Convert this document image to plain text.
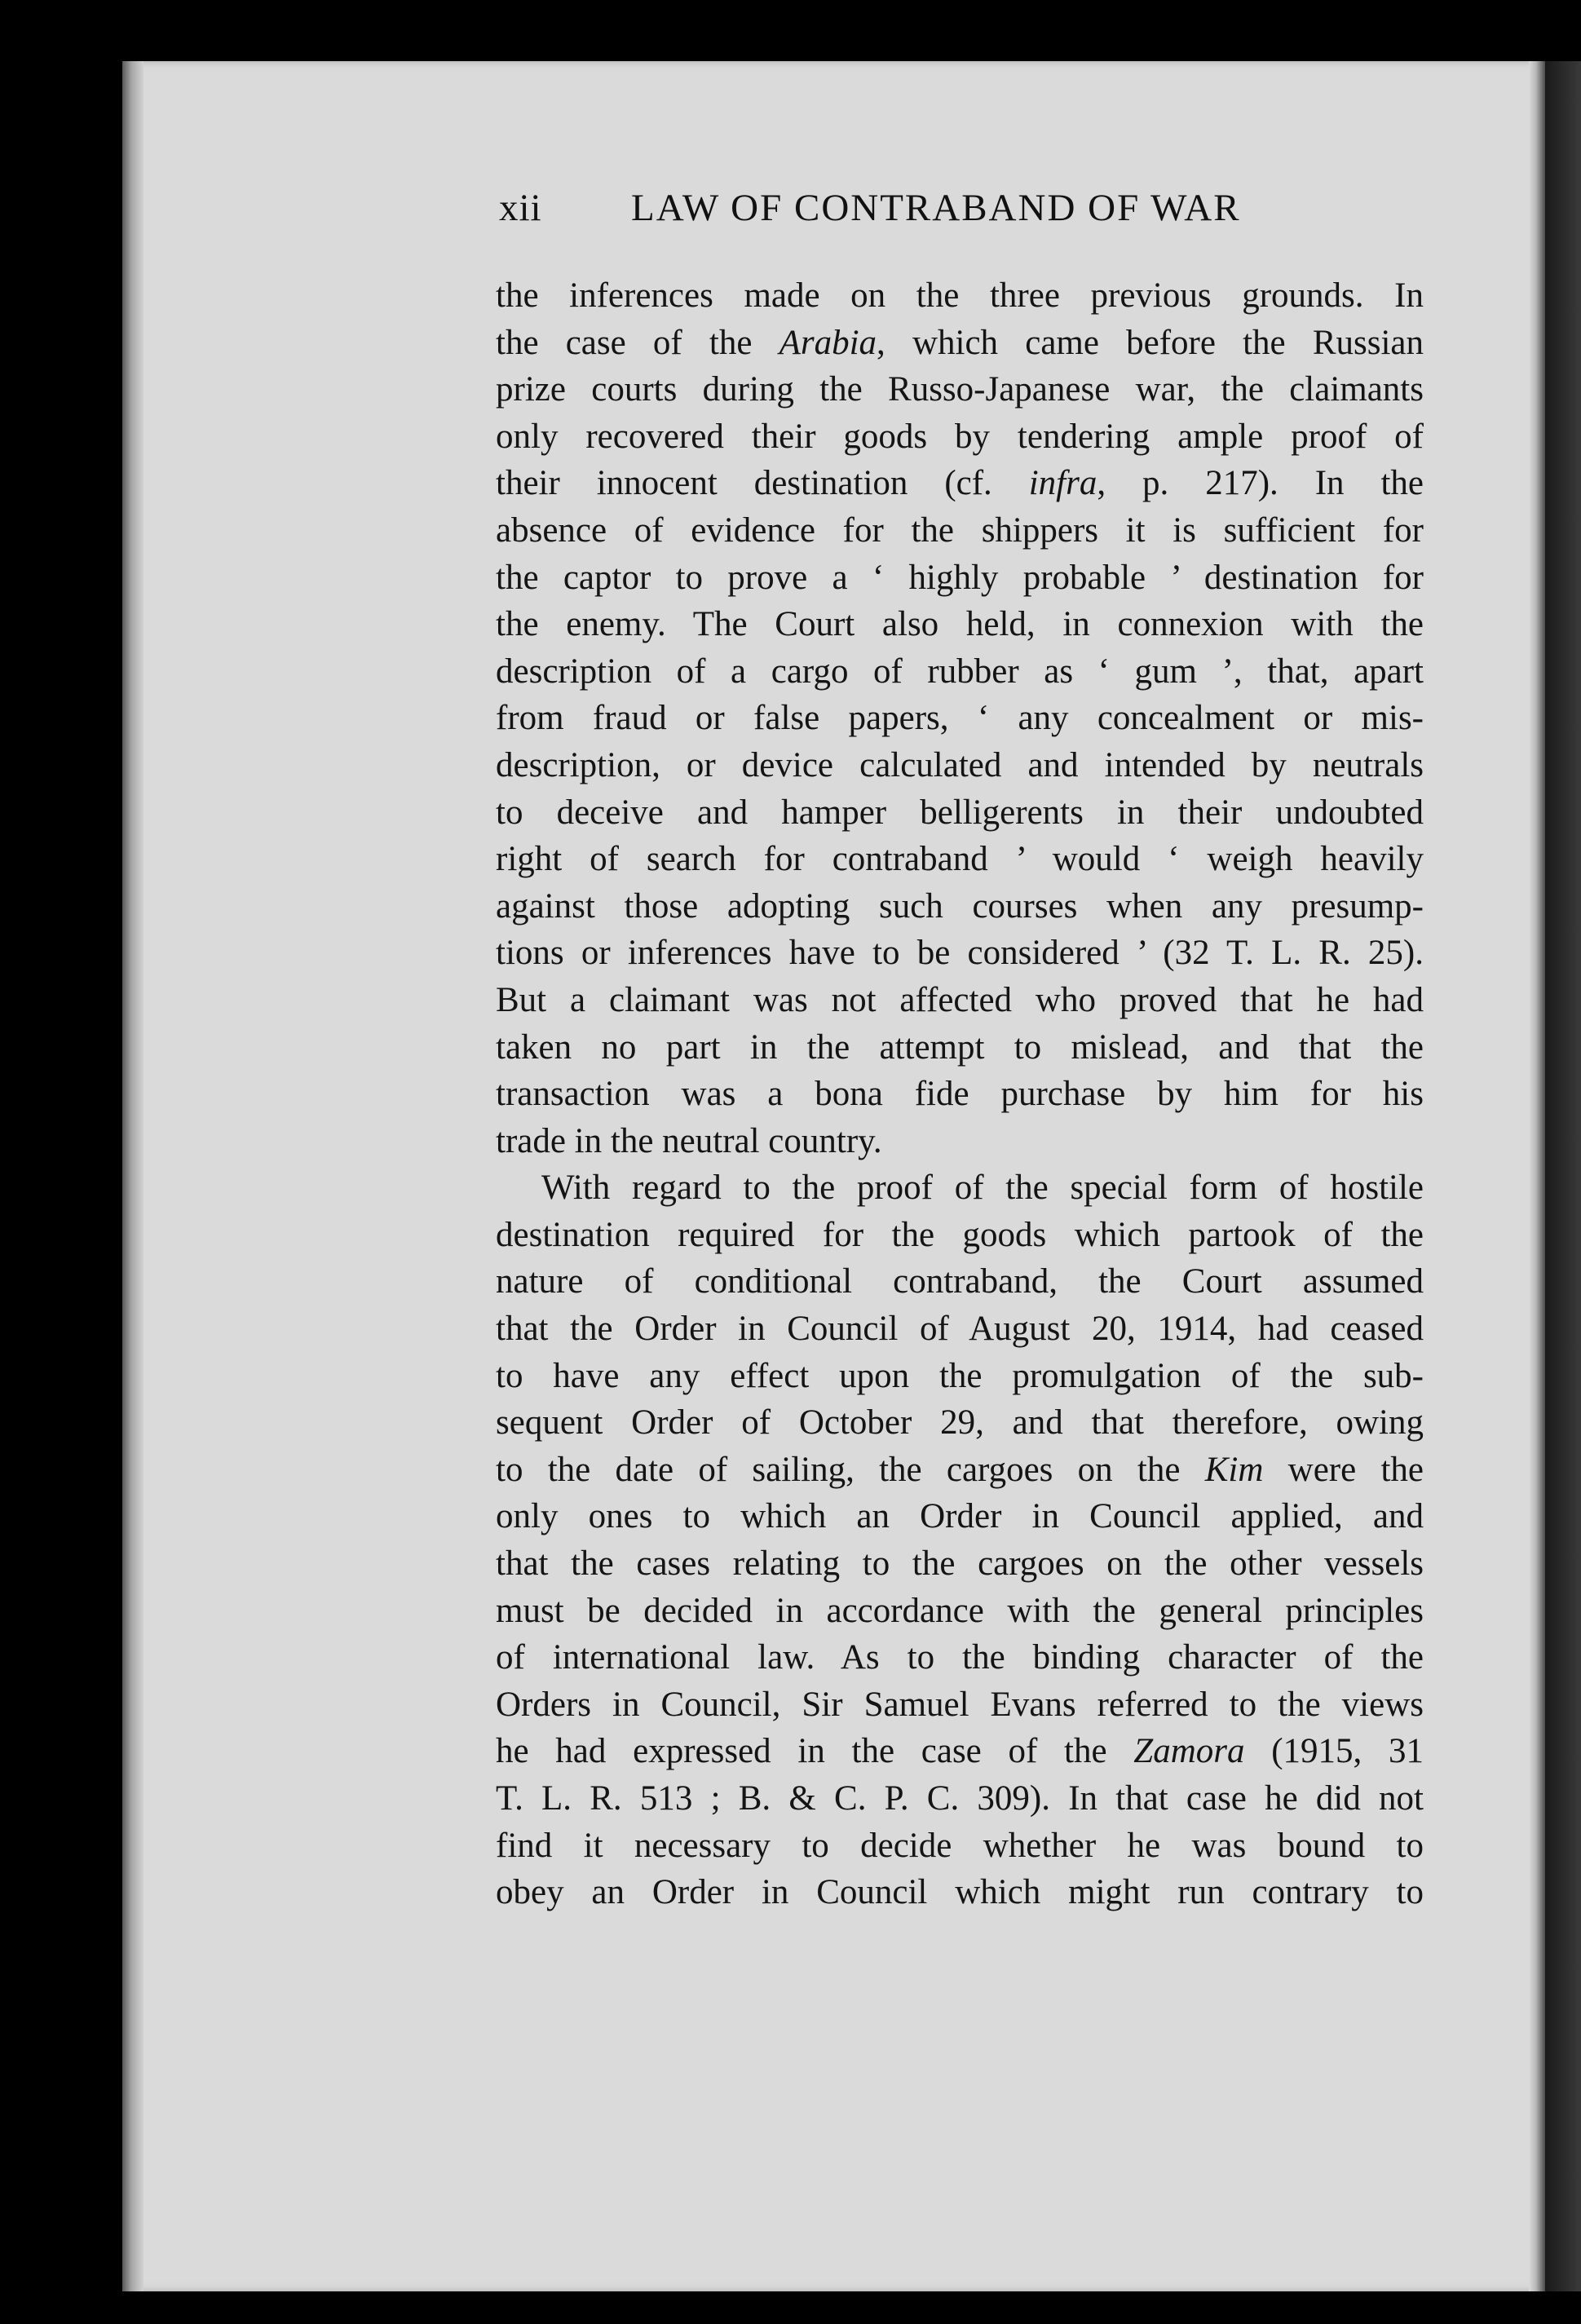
xii LAW OF CONTRABAND OF WAR
the inferences made on the three previous grounds. In
the case of the Arabia, which came before the Russian
prize courts during the Russo-Japanese war, the claimants
only recovered their goods by tendering ample proof of
their innocent destination (cf. infra, p. 217). In the
absence of evidence for the shippers it is sufficient for
the captor to prove a ‘ highly probable ’ destination for
the enemy. The Court also held, in connexion with the
description of a cargo of rubber as ‘ gum ’, that, apart
from fraud or false papers, ‘ any concealment or mis-
description, or device calculated and intended by neutrals
to deceive and hamper belligerents in their undoubted
right of search for contraband ’ would ‘ weigh heavily
against those adopting such courses when any presump-
tions or inferences have to be considered ’ (32 T. L. R. 25).
But a claimant was not affected who proved that he had
taken no part in the attempt to mislead, and that the
transaction was a bona fide purchase by him for his
trade in the neutral country.
With regard to the proof of the special form of hostile
destination required for the goods which partook of the
nature of conditional contraband, the Court assumed
that the Order in Council of August 20, 1914, had ceased
to have any effect upon the promulgation of the sub-
sequent Order of October 29, and that therefore, owing
to the date of sailing, the cargoes on the Kim were the
only ones to which an Order in Council applied, and
that the cases relating to the cargoes on the other vessels
must be decided in accordance with the general principles
of international law. As to the binding character of the
Orders in Council, Sir Samuel Evans referred to the views
he had expressed in the case of the Zamora (1915, 31
T. L. R. 513 ; B. & C. P. C. 309). In that case he did not
find it necessary to decide whether he was bound to
obey an Order in Council which might run contrary to
